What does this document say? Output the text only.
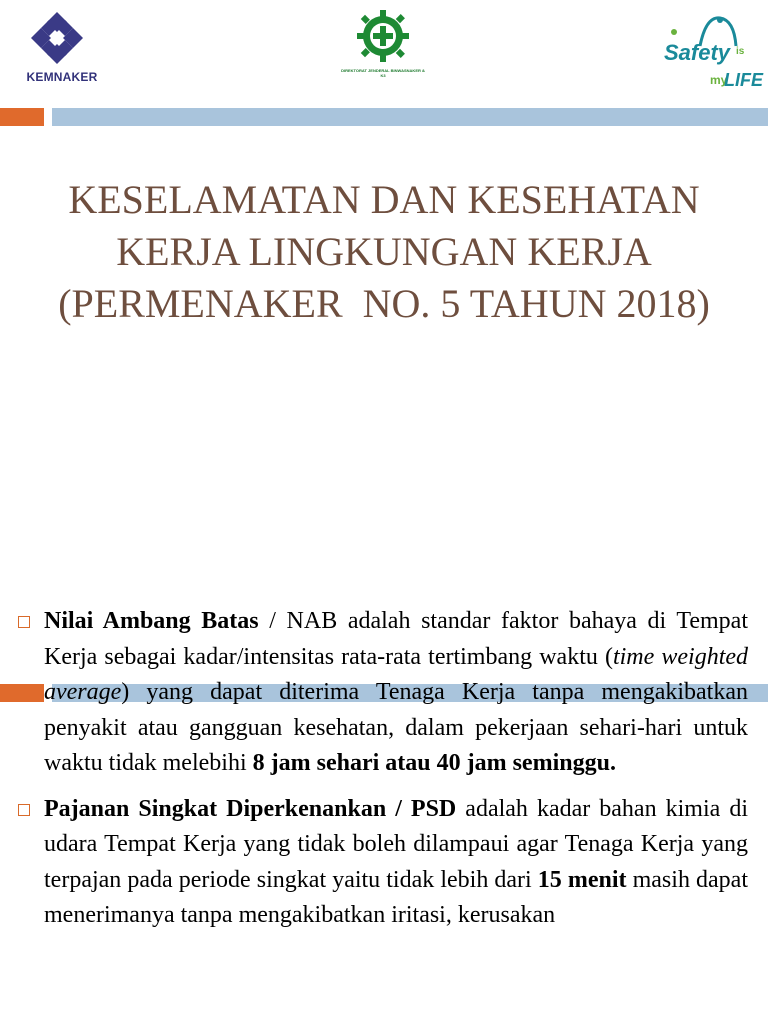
KEMNAKER	DIREKTORAT JENDERAL BINWASNAKER & K3
Safety is
my
LIFE
KESELAMATAN DAN KESEHATAN
KERJA LINGKUNGAN KERJA
(PERMENAKER  NO. 5 TAHUN 2018)

Nilai Ambang Batas / NAB adalah standar faktor bahaya di Tempat Kerja sebagai kadar/intensitas rata-rata tertimbang waktu (time weighted average) yang dapat diterima Tenaga Kerja tanpa mengakibatkan penyakit atau gangguan kesehatan, dalam pekerjaan sehari-hari untuk waktu tidak melebihi 8 jam sehari atau 40 jam seminggu.

Pajanan Singkat Diperkenankan / PSD adalah kadar bahan kimia di udara Tempat Kerja yang tidak boleh dilampaui agar Tenaga Kerja yang terpajan pada periode singkat yaitu tidak lebih dari 15 menit masih dapat menerimanya tanpa mengakibatkan iritasi, kerusakan
